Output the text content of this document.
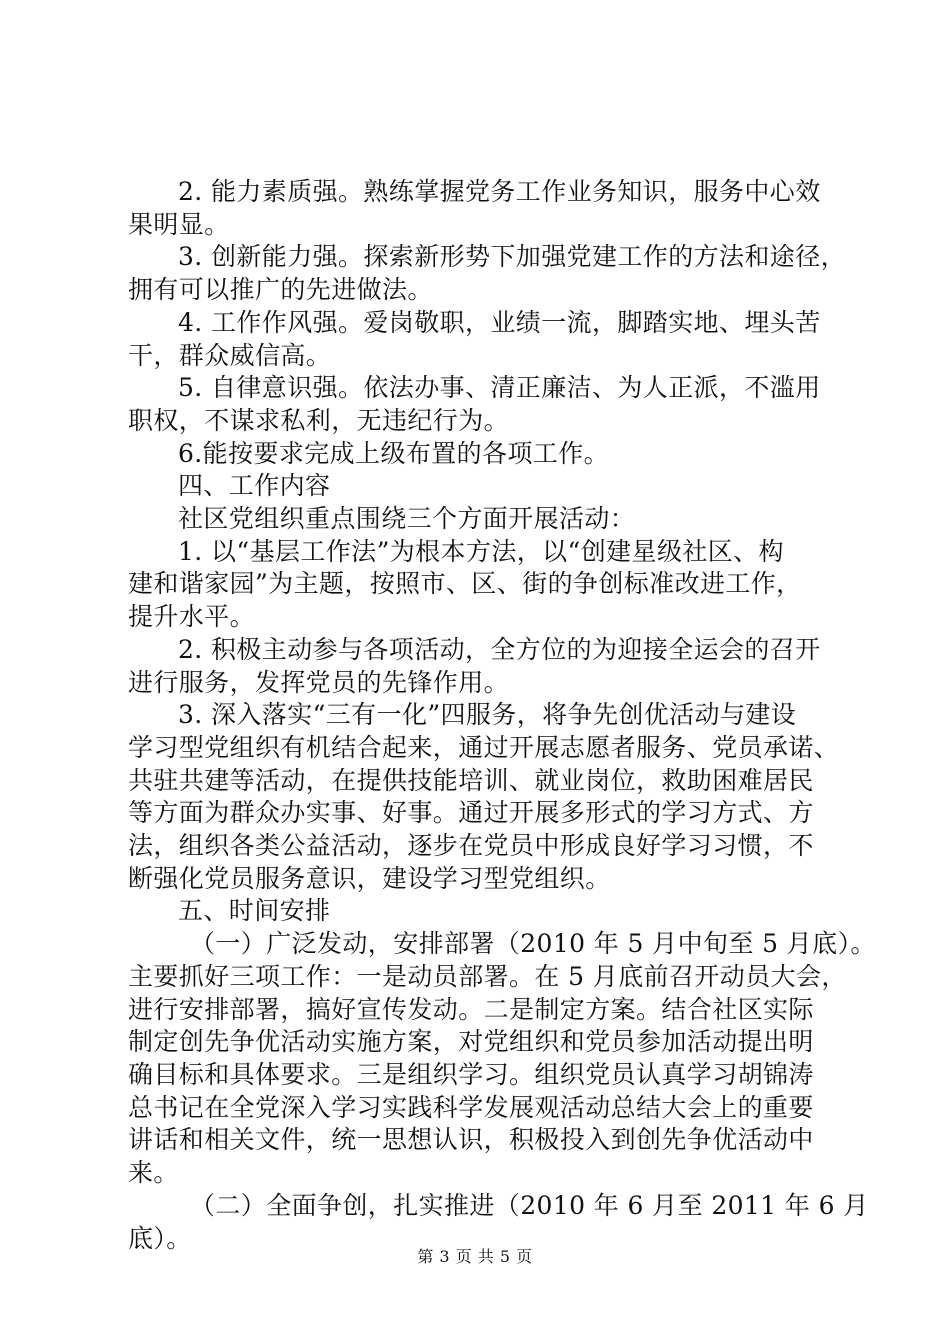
2. 能力素质强。熟练掌握党务工作业务知识，服务中心效
果明显。
3. 创新能力强。探索新形势下加强党建工作的方法和途径，
拥有可以推广的先进做法。
4. 工作作风强。爱岗敬职，业绩一流，脚踏实地、埋头苦
干，群众威信高。
5. 自律意识强。依法办事、清正廉洁、为人正派，不滥用
职权，不谋求私利，无违纪行为。
6.能按要求完成上级布置的各项工作。
四、工作内容
社区党组织重点围绕三个方面开展活动：
1. 以“基层工作法”为根本方法，以“创建星级社区、构
建和谐家园”为主题，按照市、区、街的争创标准改进工作，
提升水平。
2. 积极主动参与各项活动，全方位的为迎接全运会的召开
进行服务，发挥党员的先锋作用。
3. 深入落实“三有一化”四服务，将争先创优活动与建设
学习型党组织有机结合起来，通过开展志愿者服务、党员承诺、
共驻共建等活动，在提供技能培训、就业岗位，救助困难居民
等方面为群众办实事、好事。通过开展多形式的学习方式、方
法，组织各类公益活动，逐步在党员中形成良好学习习惯，不
断强化党员服务意识，建设学习型党组织。
五、时间安排
（一）广泛发动，安排部署（2010 年 5 月中旬至 5 月底）。
主要抓好三项工作：一是动员部署。在 5 月底前召开动员大会，
进行安排部署，搞好宣传发动。二是制定方案。结合社区实际
制定创先争优活动实施方案，对党组织和党员参加活动提出明
确目标和具体要求。三是组织学习。组织党员认真学习胡锦涛
总书记在全党深入学习实践科学发展观活动总结大会上的重要
讲话和相关文件，统一思想认识，积极投入到创先争优活动中
来。
（二）全面争创，扎实推进（2010 年 6 月至 2011 年 6 月
底）。
第 3 页 共 5 页
